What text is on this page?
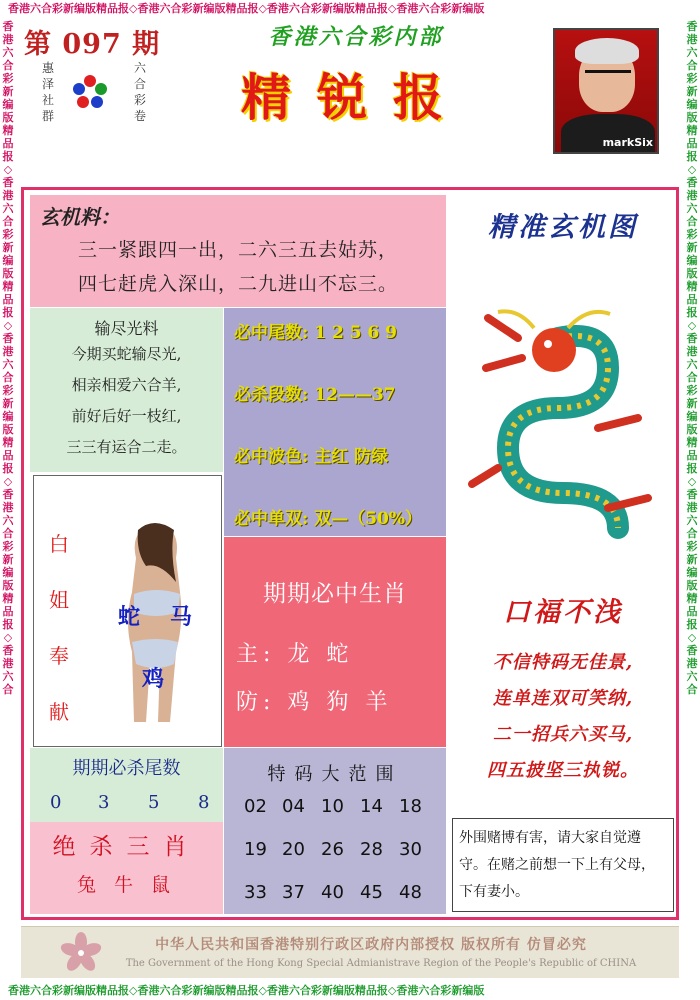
香港六合彩新编版精品报◇香港六合彩新编版精品报◇香港六合彩新编版精品报◇香港六合彩新编版
香港六合彩新编版精品报◇香港六合彩新编版精品报◇香港六合彩新编版精品报◇香港六合彩新编版
香港六合彩新编版精品报◇香港六合彩新编版精品报◇香港六合彩新编版精品报◇香港六合彩新编版精品报◇香港六合
香港六合彩新编版精品报◇香港六合彩新编版精品报◇香港六合彩新编版精品报◇香港六合彩新编版精品报◇香港六合
第 097 期
惠泽社群
六合彩卷
香港六合彩内部
精锐报
markSix
玄机料：
三一紧跟四一出，二六三五去姑苏，
四七赶虎入深山，二九进山不忘三。
输尽光料
今期买蛇输尽光,
相亲相爱六合羊,
前好后好一枝红,
三三有运合二走。
必中尾数: 1 2 5 6 9
必杀段数: 12——37
必中波色: 主红 防绿
必中单双: 双—（50%）
白
姐
奉
献
蛇 马
鸡
期期必中生肖
主: 龙 蛇
防: 鸡 狗 羊
期期必杀尾数
0 3 5 8
绝杀三肖
兔 牛 鼠
特码大范围
02 04 10 14 18
19 20 26 28 30
33 37 40 45 48
精准玄机图
口福不浅
不信特码无佳景,
连单连双可笑纳,
二一招兵六买马,
四五披坚三执锐。
外围赌博有害，请大家自觉遵守。在赌之前想一下上有父母，下有妻小。
中华人民共和国香港特别行政区政府内部授权 版权所有 仿冒必究
The Government of the Hong Kong Special Admianistrave Region of the People's Republic of CHINA
